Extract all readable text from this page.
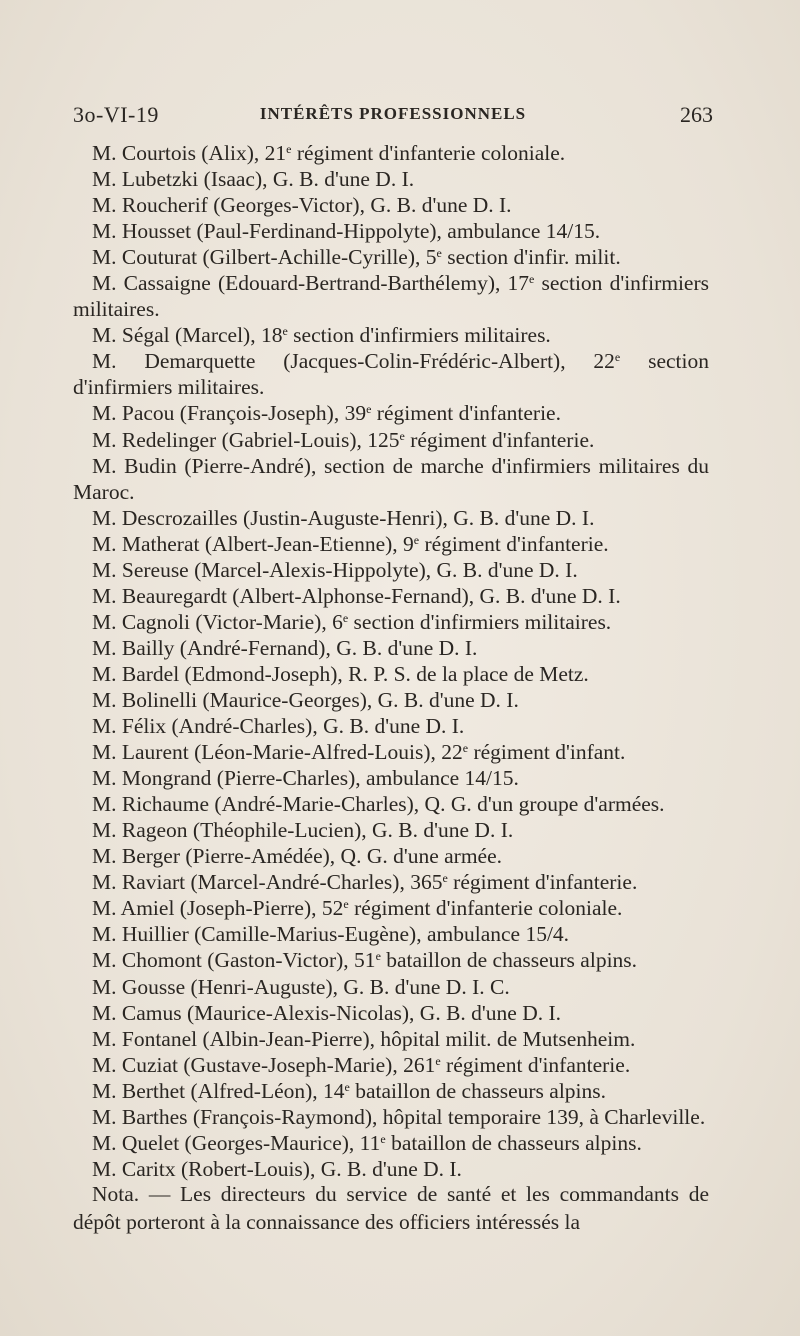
3o-VI-19	INTÉRÊTS PROFESSIONNELS	263

M. Courtois (Alix), 21e régiment d'infanterie coloniale.

M. Lubetzki (Isaac), G. B. d'une D. I.

M. Roucherif (Georges-Victor), G. B. d'une D. I.

M. Housset (Paul-Ferdinand-Hippolyte), ambulance 14/15.

M. Couturat (Gilbert-Achille-Cyrille), 5e section d'infir. milit.

M. Cassaigne (Edouard-Bertrand-Barthélemy), 17e section d'infirmiers militaires.

M. Ségal (Marcel), 18e section d'infirmiers militaires.

M. Demarquette (Jacques-Colin-Frédéric-Albert), 22e section d'infirmiers militaires.

M. Pacou (François-Joseph), 39e régiment d'infanterie.

M. Redelinger (Gabriel-Louis), 125e régiment d'infanterie.

M. Budin (Pierre-André), section de marche d'infirmiers militaires du Maroc.

M. Descrozailles (Justin-Auguste-Henri), G. B. d'une D. I.

M. Matherat (Albert-Jean-Etienne), 9e régiment d'infanterie.

M. Sereuse (Marcel-Alexis-Hippolyte), G. B. d'une D. I.

M. Beauregardt (Albert-Alphonse-Fernand), G. B. d'une D. I.

M. Cagnoli (Victor-Marie), 6e section d'infirmiers militaires.

M. Bailly (André-Fernand), G. B. d'une D. I.

M. Bardel (Edmond-Joseph), R. P. S. de la place de Metz.

M. Bolinelli (Maurice-Georges), G. B. d'une D. I.

M. Félix (André-Charles), G. B. d'une D. I.

M. Laurent (Léon-Marie-Alfred-Louis), 22e régiment d'infant.

M. Mongrand (Pierre-Charles), ambulance 14/15.

M. Richaume (André-Marie-Charles), Q. G. d'un groupe d'armées.

M. Rageon (Théophile-Lucien), G. B. d'une D. I.

M. Berger (Pierre-Amédée), Q. G. d'une armée.

M. Raviart (Marcel-André-Charles), 365e régiment d'infanterie.

M. Amiel (Joseph-Pierre), 52e régiment d'infanterie coloniale.

M. Huillier (Camille-Marius-Eugène), ambulance 15/4.

M. Chomont (Gaston-Victor), 51e bataillon de chasseurs alpins.

M. Gousse (Henri-Auguste), G. B. d'une D. I. C.

M. Camus (Maurice-Alexis-Nicolas), G. B. d'une D. I.

M. Fontanel (Albin-Jean-Pierre), hôpital milit. de Mutsenheim.

M. Cuziat (Gustave-Joseph-Marie), 261e régiment d'infanterie.

M. Berthet (Alfred-Léon), 14e bataillon de chasseurs alpins.

M. Barthes (François-Raymond), hôpital temporaire 139, à Charleville.

M. Quelet (Georges-Maurice), 11e bataillon de chasseurs alpins.

M. Caritx (Robert-Louis), G. B. d'une D. I.

Nota. — Les directeurs du service de santé et les commandants de dépôt porteront à la connaissance des officiers intéressés la
